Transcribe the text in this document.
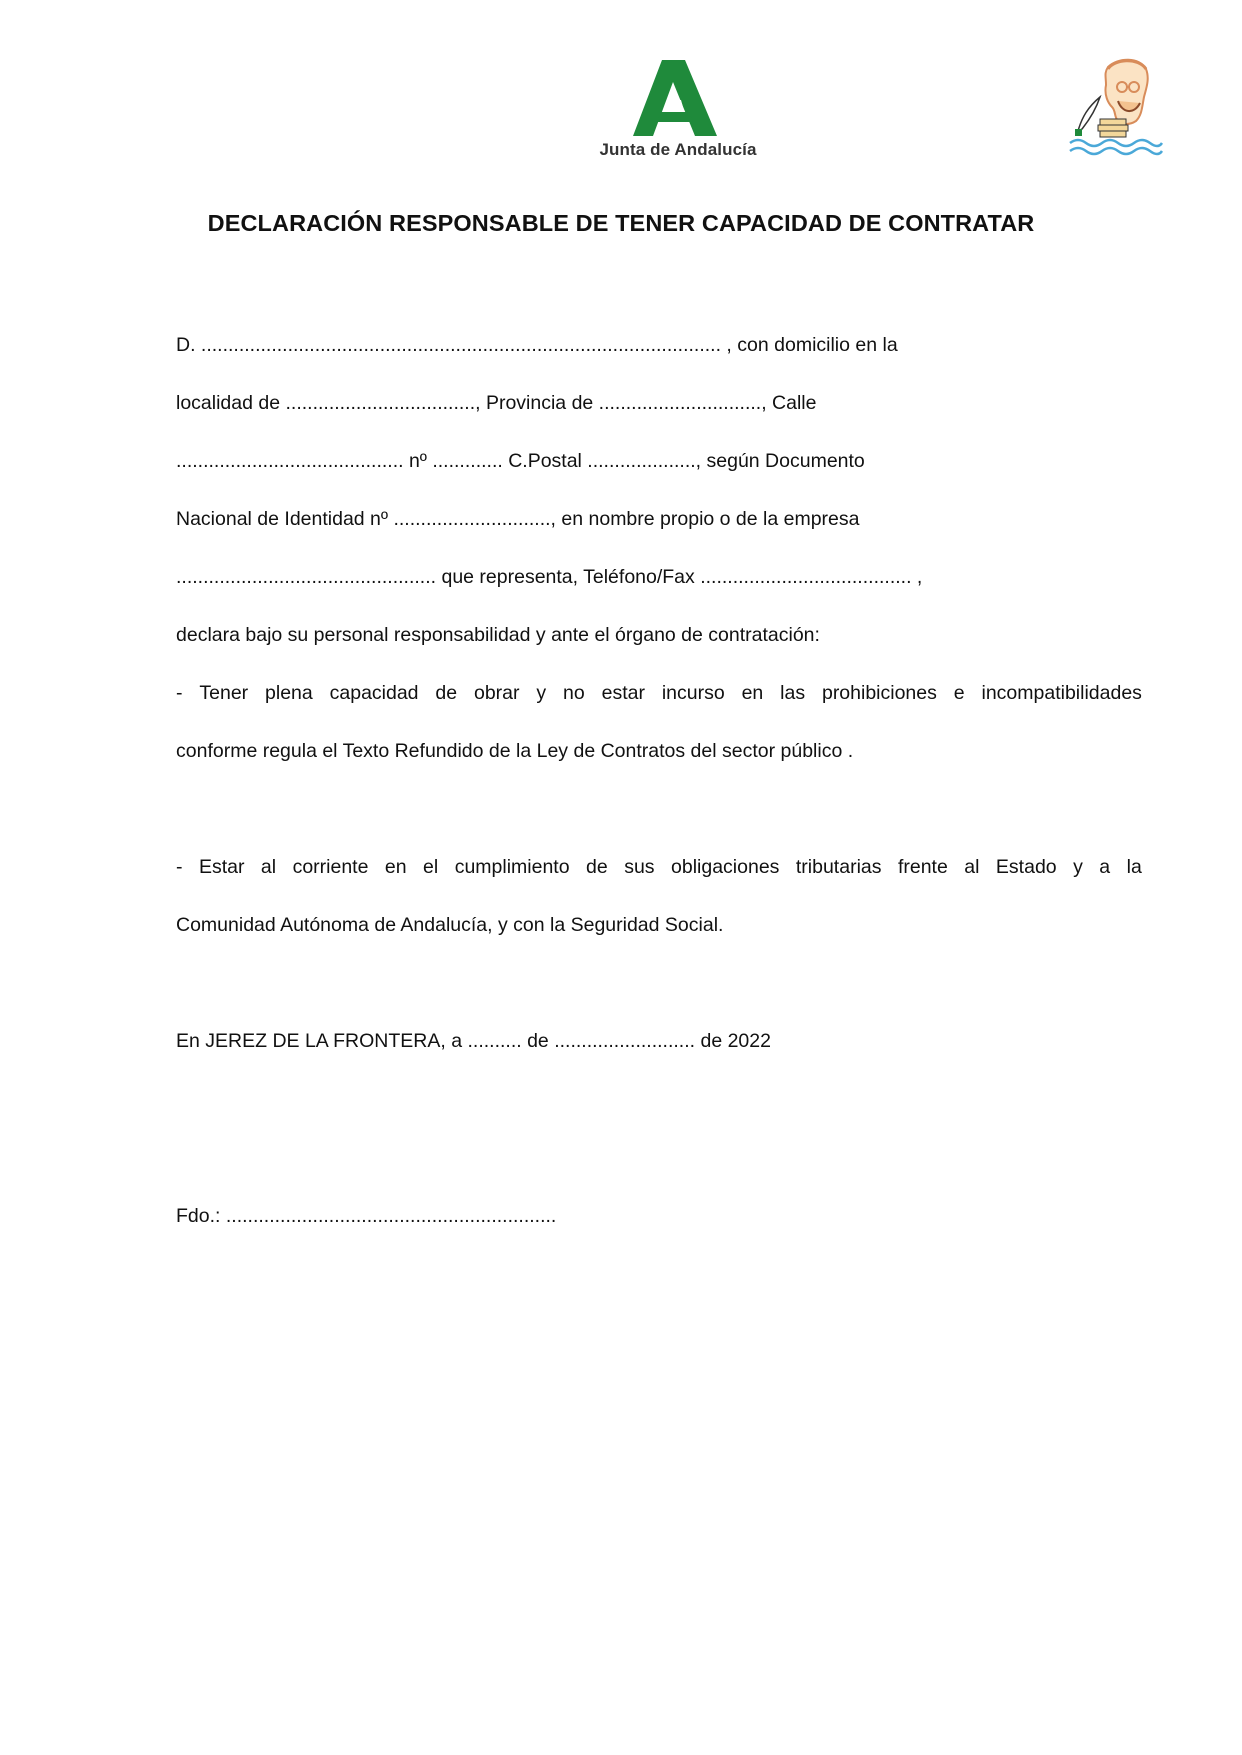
Junta de Andalucía
DECLARACIÓN RESPONSABLE DE TENER CAPACIDAD DE CONTRATAR
D. ................................................................................................ , con domicilio en la
localidad de ..................................., Provincia de .............................., Calle
.......................................... nº ............. C.Postal ...................., según Documento
Nacional de Identidad nº ............................., en nombre propio o de la empresa
................................................ que representa, Teléfono/Fax ....................................... ,
declara bajo su personal responsabilidad y ante el órgano de contratación:
- Tener plena capacidad de obrar y no estar incurso en las prohibiciones e incompatibilidades
conforme regula el Texto Refundido de la Ley de Contratos del sector público .
- Estar al corriente en el cumplimiento de sus obligaciones tributarias frente al Estado y a la
Comunidad Autónoma de Andalucía, y con la Seguridad Social.
En JEREZ DE LA FRONTERA, a .......... de .......................... de 2022
Fdo.: .............................................................
